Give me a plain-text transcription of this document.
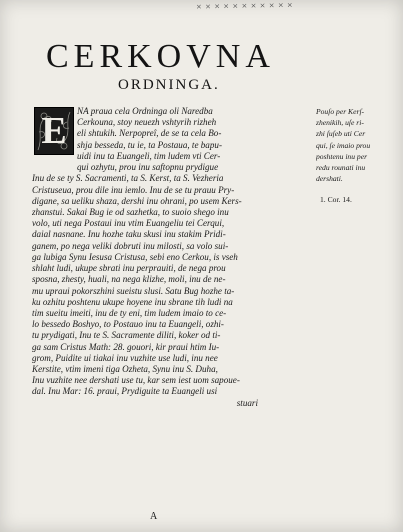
× × × × × × × × × × ×
CERKOVNA
ORDNINGA.
NA praua cela Ordninga oli Naredba
Cerkouna, stoy neuezh vshtyrih rizheh
eli shtukih. Nerpopreî, de se ta cela Bo-
shja besseda, tu ie, ta Postaua, te bapu-
uidi inu ta Euangeli, tim ludem vti Cer-
qui ozhytu, prou inu saftopnu prydigue
Inu de se ty S. Sacramenti, ta S. Kerst, ta S. Vezheria
Cristuseua, prou dile inu iemlo. Inu de se tu prauu Pry-
digane, sa ueliku shaza, dershi inu ohrani, po usem Kers-
zhanstui. Sakai Bug ie od sazhetka, to suoio shego inu
volo, uti nega Postaui inu vtim Euangeliu tei Cerqui,
daial nasnane. Inu hozhe taku skusi inu stakim Pridi-
ganem, po nega veliki dobruti inu milosti, sa volo sui-
ga lubiga Synu Iesusa Cristusa, sebi eno Cerkou, is vseh
shlaht ludi, ukupe sbrati inu perprauiti, de nega prou
sposna, zhesty, huali, na nega klizhe, moli, inu de ne-
mu upraui pokorszhini sueistu slusi. Satu Bug hozhe ta-
ku ozhitu poshtenu ukupe hoyene inu sbrane tih ludi na
tim sueitu imeiti, inu de ty eni, tim ludem imaio to ce-
lo bessedo Boshyo, to Postauo inu ta Euangeli, ozhi-
tu prydigati, Inu te S. Sacramente diliti, koker od ti-
ga sam Cristus Math: 28. gouori, kir praui htim Iu-
grom, Puidite ui tiakai inu vuzhite use ludi, inu nee
Kerstite, vtim imeni tiga Ozheta, Synu inu S. Duha,
Inu vuzhite nee dershati use tu, kar sem iest uom sapoue-
dal. Inu Mar: 16. praui, Prydiguite ta Euangeli usi
stuari
E	Pouſo per Kerſ-
zhenikih, uſe ri-
zhi ſuſeb uti Cer
qui, ſe imaio prou
poshtenu inu per
redu rounati inu
dershati.
1. Cor. 14.
A
